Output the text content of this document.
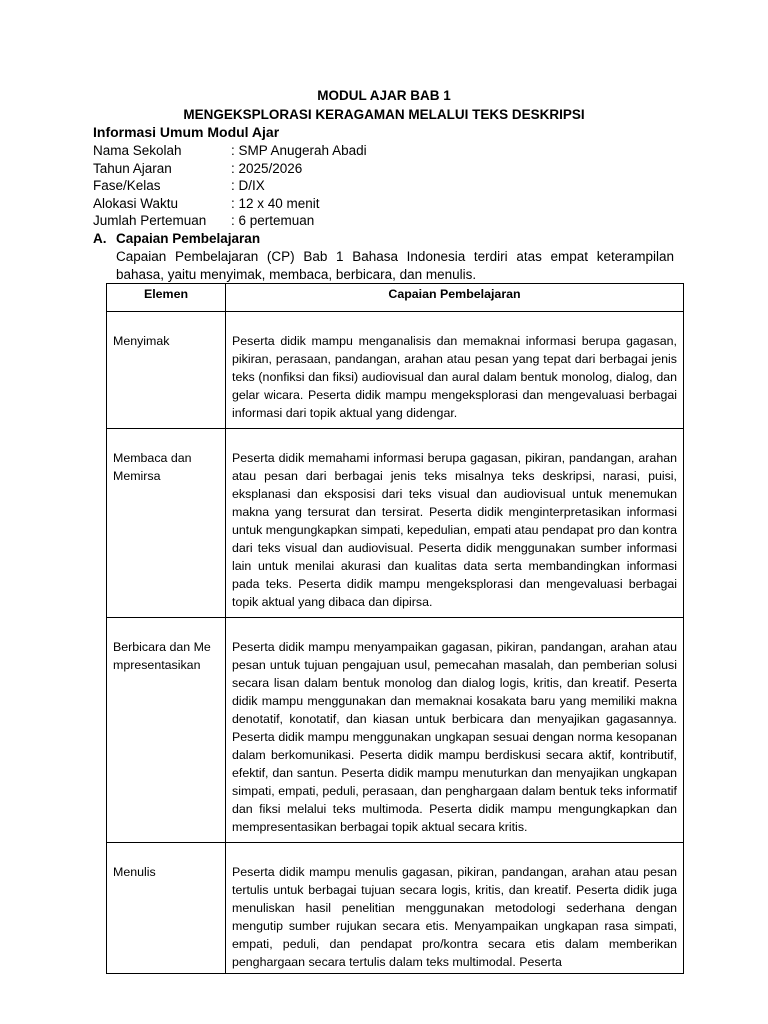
MODUL AJAR BAB 1
MENGEKSPLORASI KERAGAMAN MELALUI TEKS DESKRIPSI
Informasi Umum Modul Ajar
Nama Sekolah	: SMP Anugerah Abadi
Tahun Ajaran	: 2025/2026
Fase/Kelas	: D/IX
Alokasi Waktu	: 12 x 40 menit
Jumlah Pertemuan : 6 pertemuan
A. Capaian Pembelajaran
Capaian Pembelajaran (CP) Bab 1 Bahasa Indonesia terdiri atas empat keterampilan bahasa, yaitu menyimak, membaca, berbicara, dan menulis.
Elemen	Capaian Pembelajaran
Menyimak	Peserta didik mampu menganalisis dan memaknai informasi berupa gagasan, pikiran, perasaan, pandangan, arahan atau pesan yang tepat dari berbagai jenis teks (nonfiksi dan fiksi) audiovisual dan aural dalam bentuk monolog, dialog, dan gelar wicara. Peserta didik mampu mengeksplorasi dan mengevaluasi berbagai informasi dari topik aktual yang didengar.
Membaca dan Memirsa	Peserta didik memahami informasi berupa gagasan, pikiran, pandangan, arahan atau pesan dari berbagai jenis teks misalnya teks deskripsi, narasi, puisi, eksplanasi dan eksposisi dari teks visual dan audiovisual untuk menemukan makna yang tersurat dan tersirat. Peserta didik menginterpretasikan informasi untuk mengungkapkan simpati, kepedulian, empati atau pendapat pro dan kontra dari teks visual dan audiovisual. Peserta didik menggunakan sumber informasi lain untuk menilai akurasi dan kualitas data serta membandingkan informasi pada teks. Peserta didik mampu mengeksplorasi dan mengevaluasi berbagai topik aktual yang dibaca dan dipirsa.
Berbicara dan Mempresentasikan	Peserta didik mampu menyampaikan gagasan, pikiran, pandangan, arahan atau pesan untuk tujuan pengajuan usul, pemecahan masalah, dan pemberian solusi secara lisan dalam bentuk monolog dan dialog logis, kritis, dan kreatif. Peserta didik mampu menggunakan dan memaknai kosakata baru yang memiliki makna denotatif, konotatif, dan kiasan untuk berbicara dan menyajikan gagasannya. Peserta didik mampu menggunakan ungkapan sesuai dengan norma kesopanan dalam berkomunikasi. Peserta didik mampu berdiskusi secara aktif, kontributif, efektif, dan santun. Peserta didik mampu menuturkan dan menyajikan ungkapan simpati, empati, peduli, perasaan, dan penghargaan dalam bentuk teks informatif dan fiksi melalui teks multimoda. Peserta didik mampu mengungkapkan dan mempresentasikan berbagai topik aktual secara kritis.
Menulis	Peserta didik mampu menulis gagasan, pikiran, pandangan, arahan atau pesan tertulis untuk berbagai tujuan secara logis, kritis, dan kreatif. Peserta didik juga menuliskan hasil penelitian menggunakan metodologi sederhana dengan mengutip sumber rujukan secara etis. Menyampaikan ungkapan rasa simpati, empati, peduli, dan pendapat pro/kontra secara etis dalam memberikan penghargaan secara tertulis dalam teks multimodal. Peserta
